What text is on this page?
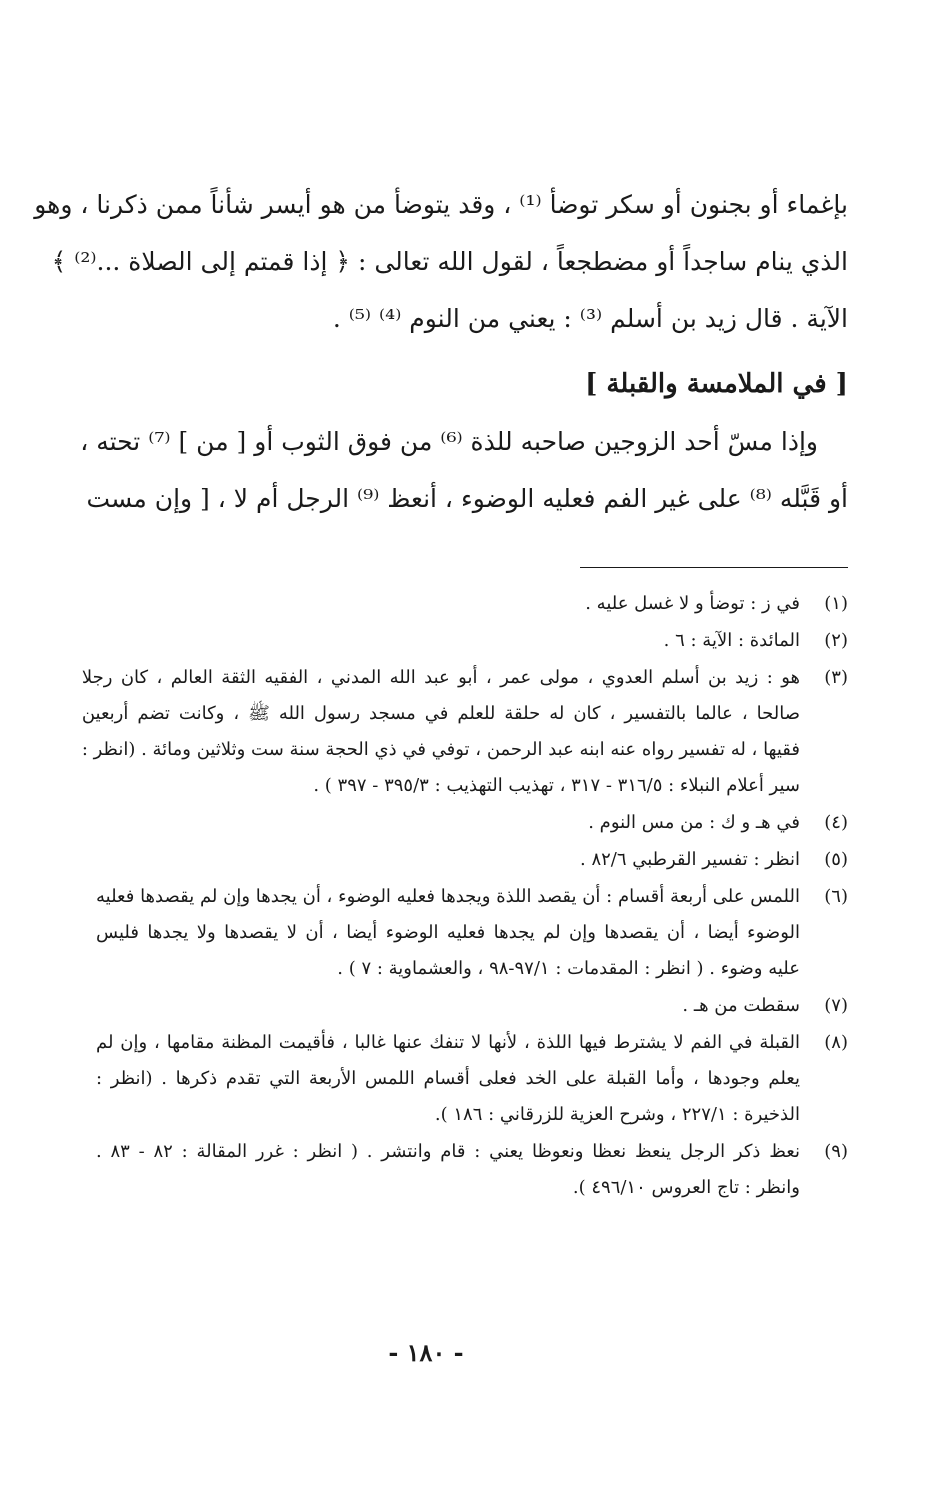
بإغماء أو بجنون أو سكر توضأ ⁽¹⁾ ، وقد يتوضأ من هو أيسر شأناً ممن ذكرنا ، وهو
الذي ينام ساجداً أو مضطجعاً ، لقول الله تعالى : ﴿ إذا قمتم إلى الصلاة ...⁽²⁾ ﴾
الآية . قال زيد بن أسلم ⁽³⁾ : يعني من النوم ⁽⁴⁾ ⁽⁵⁾ .
[ في الملامسة والقبلة ]
وإذا مسّ أحد الزوجين صاحبه للذة ⁽⁶⁾ من فوق الثوب أو [ من ] ⁽⁷⁾ تحته ،
أو قَبَّله ⁽⁸⁾ على غير الفم فعليه الوضوء ، أنعظ ⁽⁹⁾ الرجل أم لا ، [ وإن مست
(١)
في ز : توضأ و لا غسل عليه .
(٢)
المائدة : الآية : ٦ .
(٣)
هو : زيد بن أسلم العدوي ، مولى عمر ، أبو عبد الله المدني ، الفقيه الثقة العالم ، كان رجلا
صالحا ، عالما بالتفسير ، كان له حلقة للعلم في مسجد رسول الله ﷺ ، وكانت تضم أربعين
فقيها ، له تفسير رواه عنه ابنه عبد الرحمن ، توفي في ذي الحجة سنة ست وثلاثين ومائة . (انظر :
سير أعلام النبلاء : ٣١٦/٥ - ٣١٧ ، تهذيب التهذيب : ٣٩٥/٣ - ٣٩٧ ) .
(٤)
في هـ و ك : من مس النوم .
(٥)
انظر : تفسير القرطبي ٨٢/٦ .
(٦)
اللمس على أربعة أقسام : أن يقصد اللذة ويجدها فعليه الوضوء ، أن يجدها وإن لم يقصدها فعليه
الوضوء أيضا ، أن يقصدها وإن لم يجدها فعليه الوضوء أيضا ، أن لا يقصدها ولا يجدها فليس
عليه وضوء . ( انظر : المقدمات : ٩٧/١-٩٨ ، والعشماوية : ٧ ) .
(٧)
سقطت من هـ .
(٨)
القبلة في الفم لا يشترط فيها اللذة ، لأنها لا تنفك عنها غالبا ، فأقيمت المظنة مقامها ، وإن لم
يعلم وجودها ، وأما القبلة على الخد فعلى أقسام اللمس الأربعة التي تقدم ذكرها . (انظر :
الذخيرة : ٢٢٧/١ ، وشرح العزية للزرقاني : ١٨٦ ).
(٩)
نعظ ذكر الرجل ينعظ نعظا ونعوظا يعني : قام وانتشر . ( انظر : غرر المقالة : ٨٢ - ٨٣ .
وانظر : تاج العروس ٤٩٦/١٠ ).
- ١٨٠ -
